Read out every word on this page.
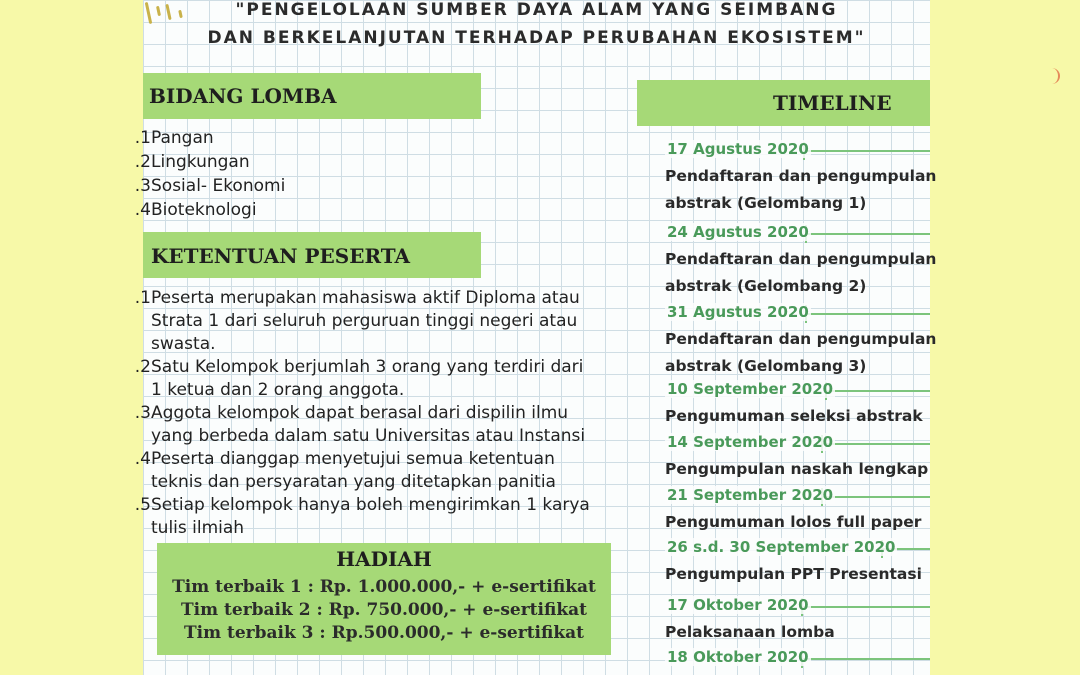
"PENGELOLAAN SUMBER DAYA ALAM YANG SEIMBANG
DAN BERKELANJUTAN TERHADAP PERUBAHAN EKOSISTEM"
BIDANG LOMBA
1.Pangan
2.Lingkungan
3.Sosial- Ekonomi
4.Bioteknologi
KETENTUAN PESERTA
1.Peserta merupakan mahasiswa aktif Diploma atau
Strata 1 dari seluruh perguruan tinggi negeri atau
swasta.
2.Satu Kelompok berjumlah 3 orang yang terdiri dari
1 ketua dan 2 orang anggota.
3.Aggota kelompok dapat berasal dari dispilin ilmu
yang berbeda dalam satu Universitas atau Instansi
4.Peserta dianggap menyetujui semua ketentuan
teknis dan persyaratan yang ditetapkan panitia
5.Setiap kelompok hanya boleh mengirimkan 1 karya
tulis ilmiah
HADIAH
Tim terbaik 1 : Rp. 1.000.000,- + e-sertifikat
Tim terbaik 2 : Rp. 750.000,- + e-sertifikat
Tim terbaik 3 : Rp.500.000,- + e-sertifikat
TIMELINE
17 Agustus 2020
Pendaftaran dan pengumpulan
abstrak (Gelombang 1)
24 Agustus 2020
Pendaftaran dan pengumpulan
abstrak (Gelombang 2)
31 Agustus 2020
Pendaftaran dan pengumpulan
abstrak (Gelombang 3)
10 September 2020
Pengumuman seleksi abstrak
14 September 2020
Pengumpulan naskah lengkap
21 September 2020
Pengumuman lolos full paper
26 s.d. 30 September 2020
Pengumpulan PPT Presentasi
17 Oktober 2020
Pelaksanaan lomba
18 Oktober 2020
